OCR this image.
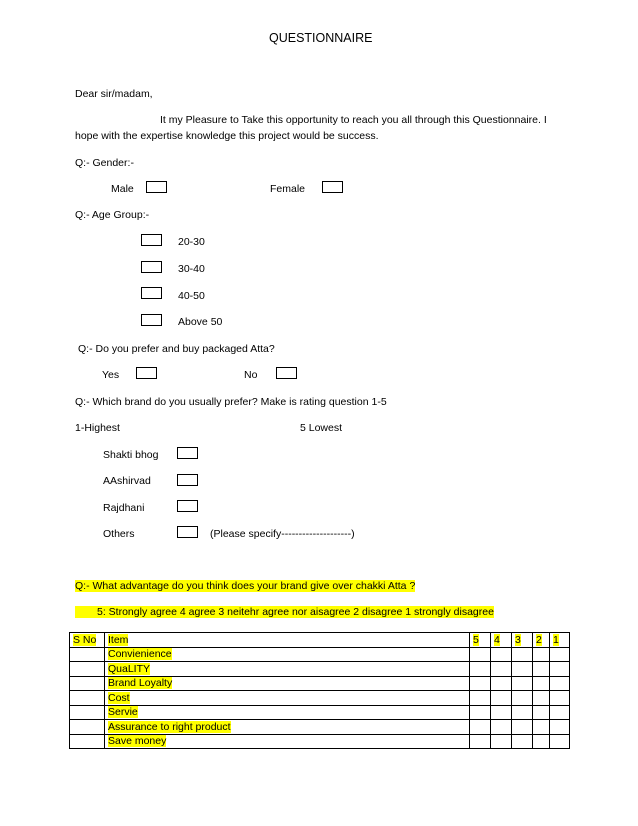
QUESTIONNAIRE
Dear sir/madam,
It my Pleasure to Take this opportunity to reach you all through this Questionnaire. I
hope with the expertise knowledge this project would be success.
Q:- Gender:-
Male	Female
Q:- Age Group:-
20-30
30-40
40-50
Above 50
Q:- Do you prefer and buy packaged Atta?
Yes	No
Q:- Which brand do you usually prefer? Make is rating question 1-5
1-Highest	5 Lowest
Shakti bhog
AAshirvad
Rajdhani
Others	(Please specify--------------------)
Q:- What advantage do you think does your brand give over chakki Atta ?
5: Strongly agree 4 agree 3 neitehr agree nor aisagree 2 disagree 1 strongly disagree
S No	Item	5	4	3	2	1
	Convienience					
	QuaLITY					
	Brand Loyalty					
	Cost					
	Servie					
	Assurance to right product					
	Save money					
